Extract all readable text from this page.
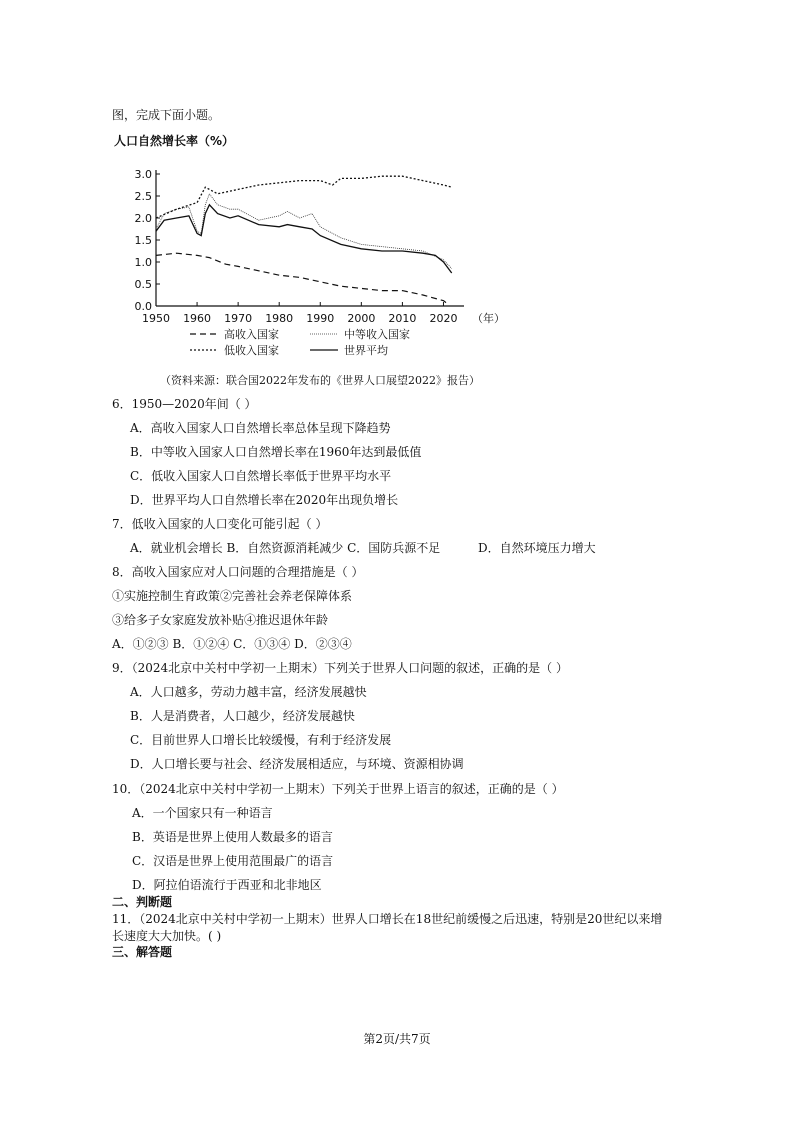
图，完成下面小题。
人口自然增长率（%）
0.0
0.5
1.0
1.5
2.0
2.5
3.0
1950 1960 1970 1980 1990 2000 2010 2020 （年）
高收入国家	中等收入国家
低收入国家	世界平均
（资料来源：联合国2022年发布的《世界人口展望2022》报告）
6．1950—2020年间（ ）
A．高收入国家人口自然增长率总体呈现下降趋势
B．中等收入国家人口自然增长率在1960年达到最低值
C．低收入国家人口自然增长率低于世界平均水平
D．世界平均人口自然增长率在2020年出现负增长
7．低收入国家的人口变化可能引起（ ）
A．就业机会增长 B．自然资源消耗减少 C．国防兵源不足	D．自然环境压力增大
8．高收入国家应对人口问题的合理措施是（ ）
①实施控制生育政策②完善社会养老保障体系
③给多子女家庭发放补贴④推迟退休年龄
A．①②③ B．①②④ C．①③④ D．②③④
9．（2024北京中关村中学初一上期末）下列关于世界人口问题的叙述，正确的是（ ）
A．人口越多，劳动力越丰富，经济发展越快
B．人是消费者，人口越少，经济发展越快
C．目前世界人口增长比较缓慢，有利于经济发展
D．人口增长要与社会、经济发展相适应，与环境、资源相协调
10．（2024北京中关村中学初一上期末）下列关于世界上语言的叙述，正确的是（ ）
A．一个国家只有一种语言
B．英语是世界上使用人数最多的语言
C．汉语是世界上使用范围最广的语言
D．阿拉伯语流行于西亚和北非地区
二、判断题
11．（2024北京中关村中学初一上期末）世界人口增长在18世纪前缓慢之后迅速，特别是20世纪以来增
长速度大大加快。( )
三、解答题
第2页/共7页
